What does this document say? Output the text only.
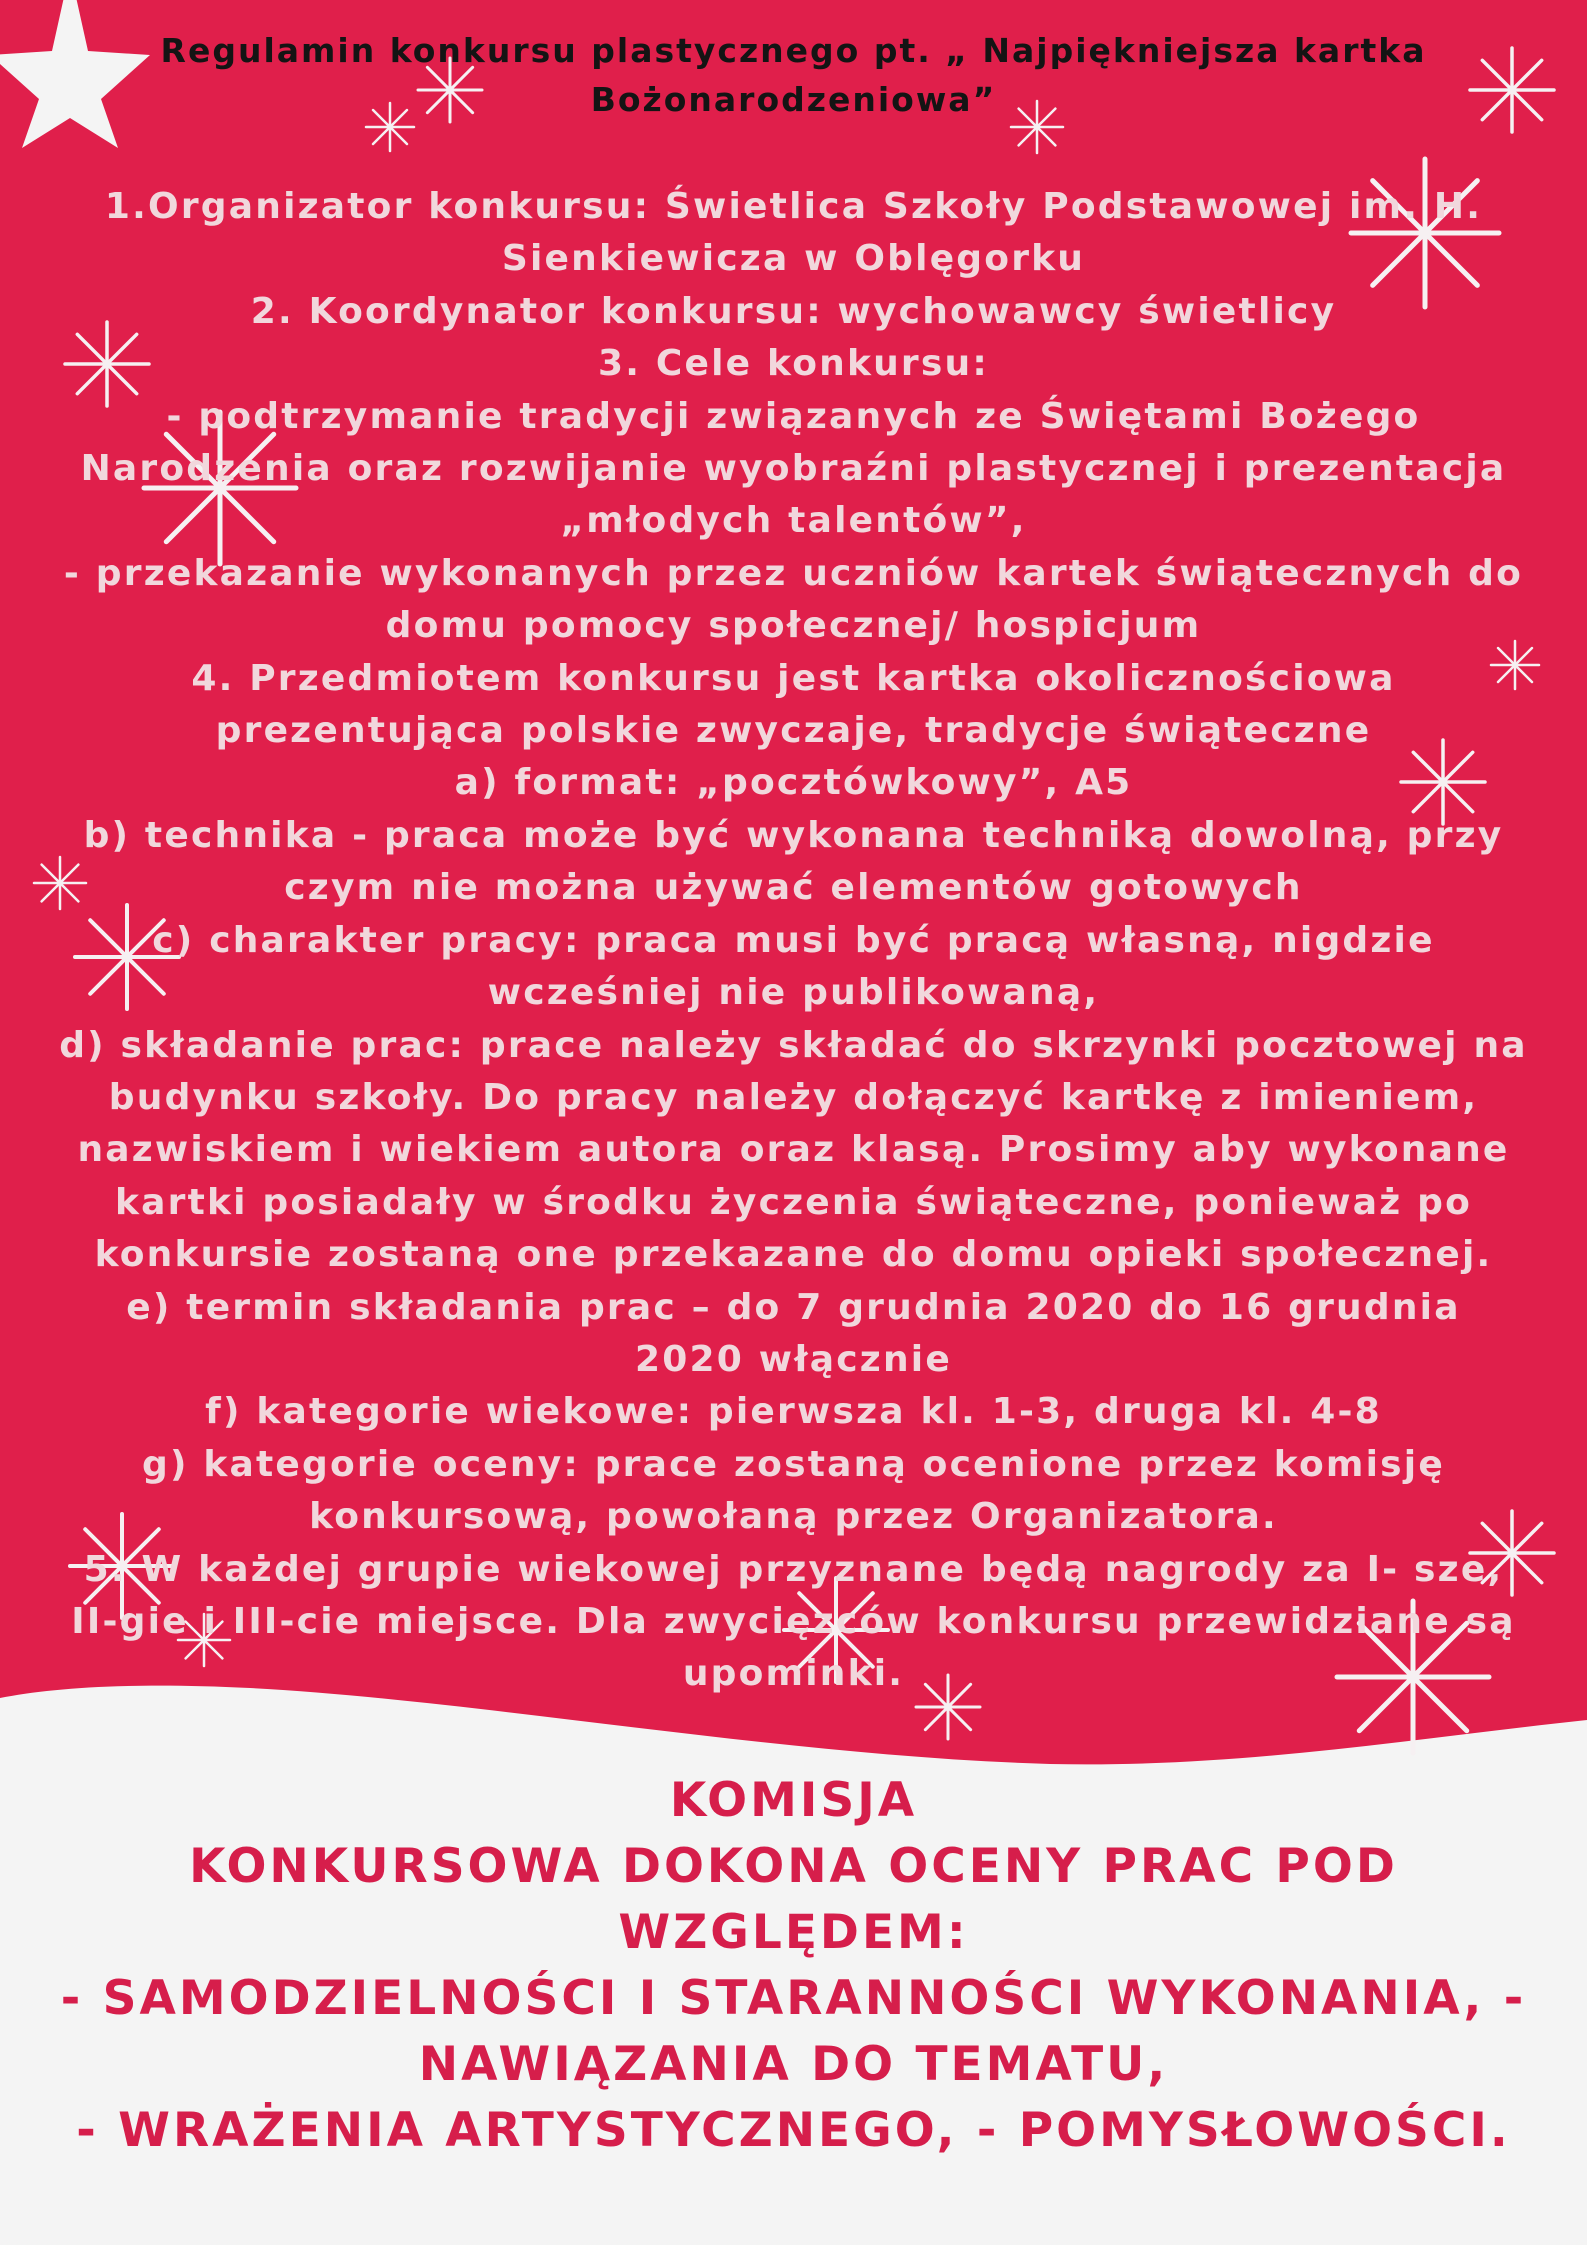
Regulamin konkursu plastycznego pt. „ Najpiękniejsza kartka
Bożonarodzeniowa”
1.Organizator konkursu: Świetlica Szkoły Podstawowej im. H.
Sienkiewicza w Oblęgorku
2. Koordynator konkursu: wychowawcy świetlicy
3. Cele konkursu:
- podtrzymanie tradycji związanych ze Świętami Bożego
Narodzenia oraz rozwijanie wyobraźni plastycznej i prezentacja
„młodych talentów”,
- przekazanie wykonanych przez uczniów kartek świątecznych do
domu pomocy społecznej/ hospicjum
4. Przedmiotem konkursu jest kartka okolicznościowa
prezentująca polskie zwyczaje, tradycje świąteczne
a) format: „pocztówkowy”, A5
b) technika - praca może być wykonana techniką dowolną, przy
czym nie można używać elementów gotowych
c) charakter pracy: praca musi być pracą własną, nigdzie
wcześniej nie publikowaną,
d) składanie prac: prace należy składać do skrzynki pocztowej na
budynku szkoły. Do pracy należy dołączyć kartkę z imieniem,
nazwiskiem i wiekiem autora oraz klasą. Prosimy aby wykonane
kartki posiadały w środku życzenia świąteczne, ponieważ po
konkursie zostaną one przekazane do domu opieki społecznej.
e) termin składania prac – do 7 grudnia 2020 do 16 grudnia
2020 włącznie
f) kategorie wiekowe: pierwsza kl. 1-3, druga kl. 4-8
g) kategorie oceny: prace zostaną ocenione przez komisję
konkursową, powołaną przez Organizatora.
5. W każdej grupie wiekowej przyznane będą nagrody za I- sze,
II-gie i III-cie miejsce. Dla zwycięzców konkursu przewidziane są
upominki.
KOMISJA
KONKURSOWA DOKONA OCENY PRAC POD
WZGLĘDEM:
- SAMODZIELNOŚCI I STARANNOŚCI WYKONANIA, -
NAWIĄZANIA DO TEMATU,
- WRAŻENIA ARTYSTYCZNEGO, - POMYSŁOWOŚCI.
